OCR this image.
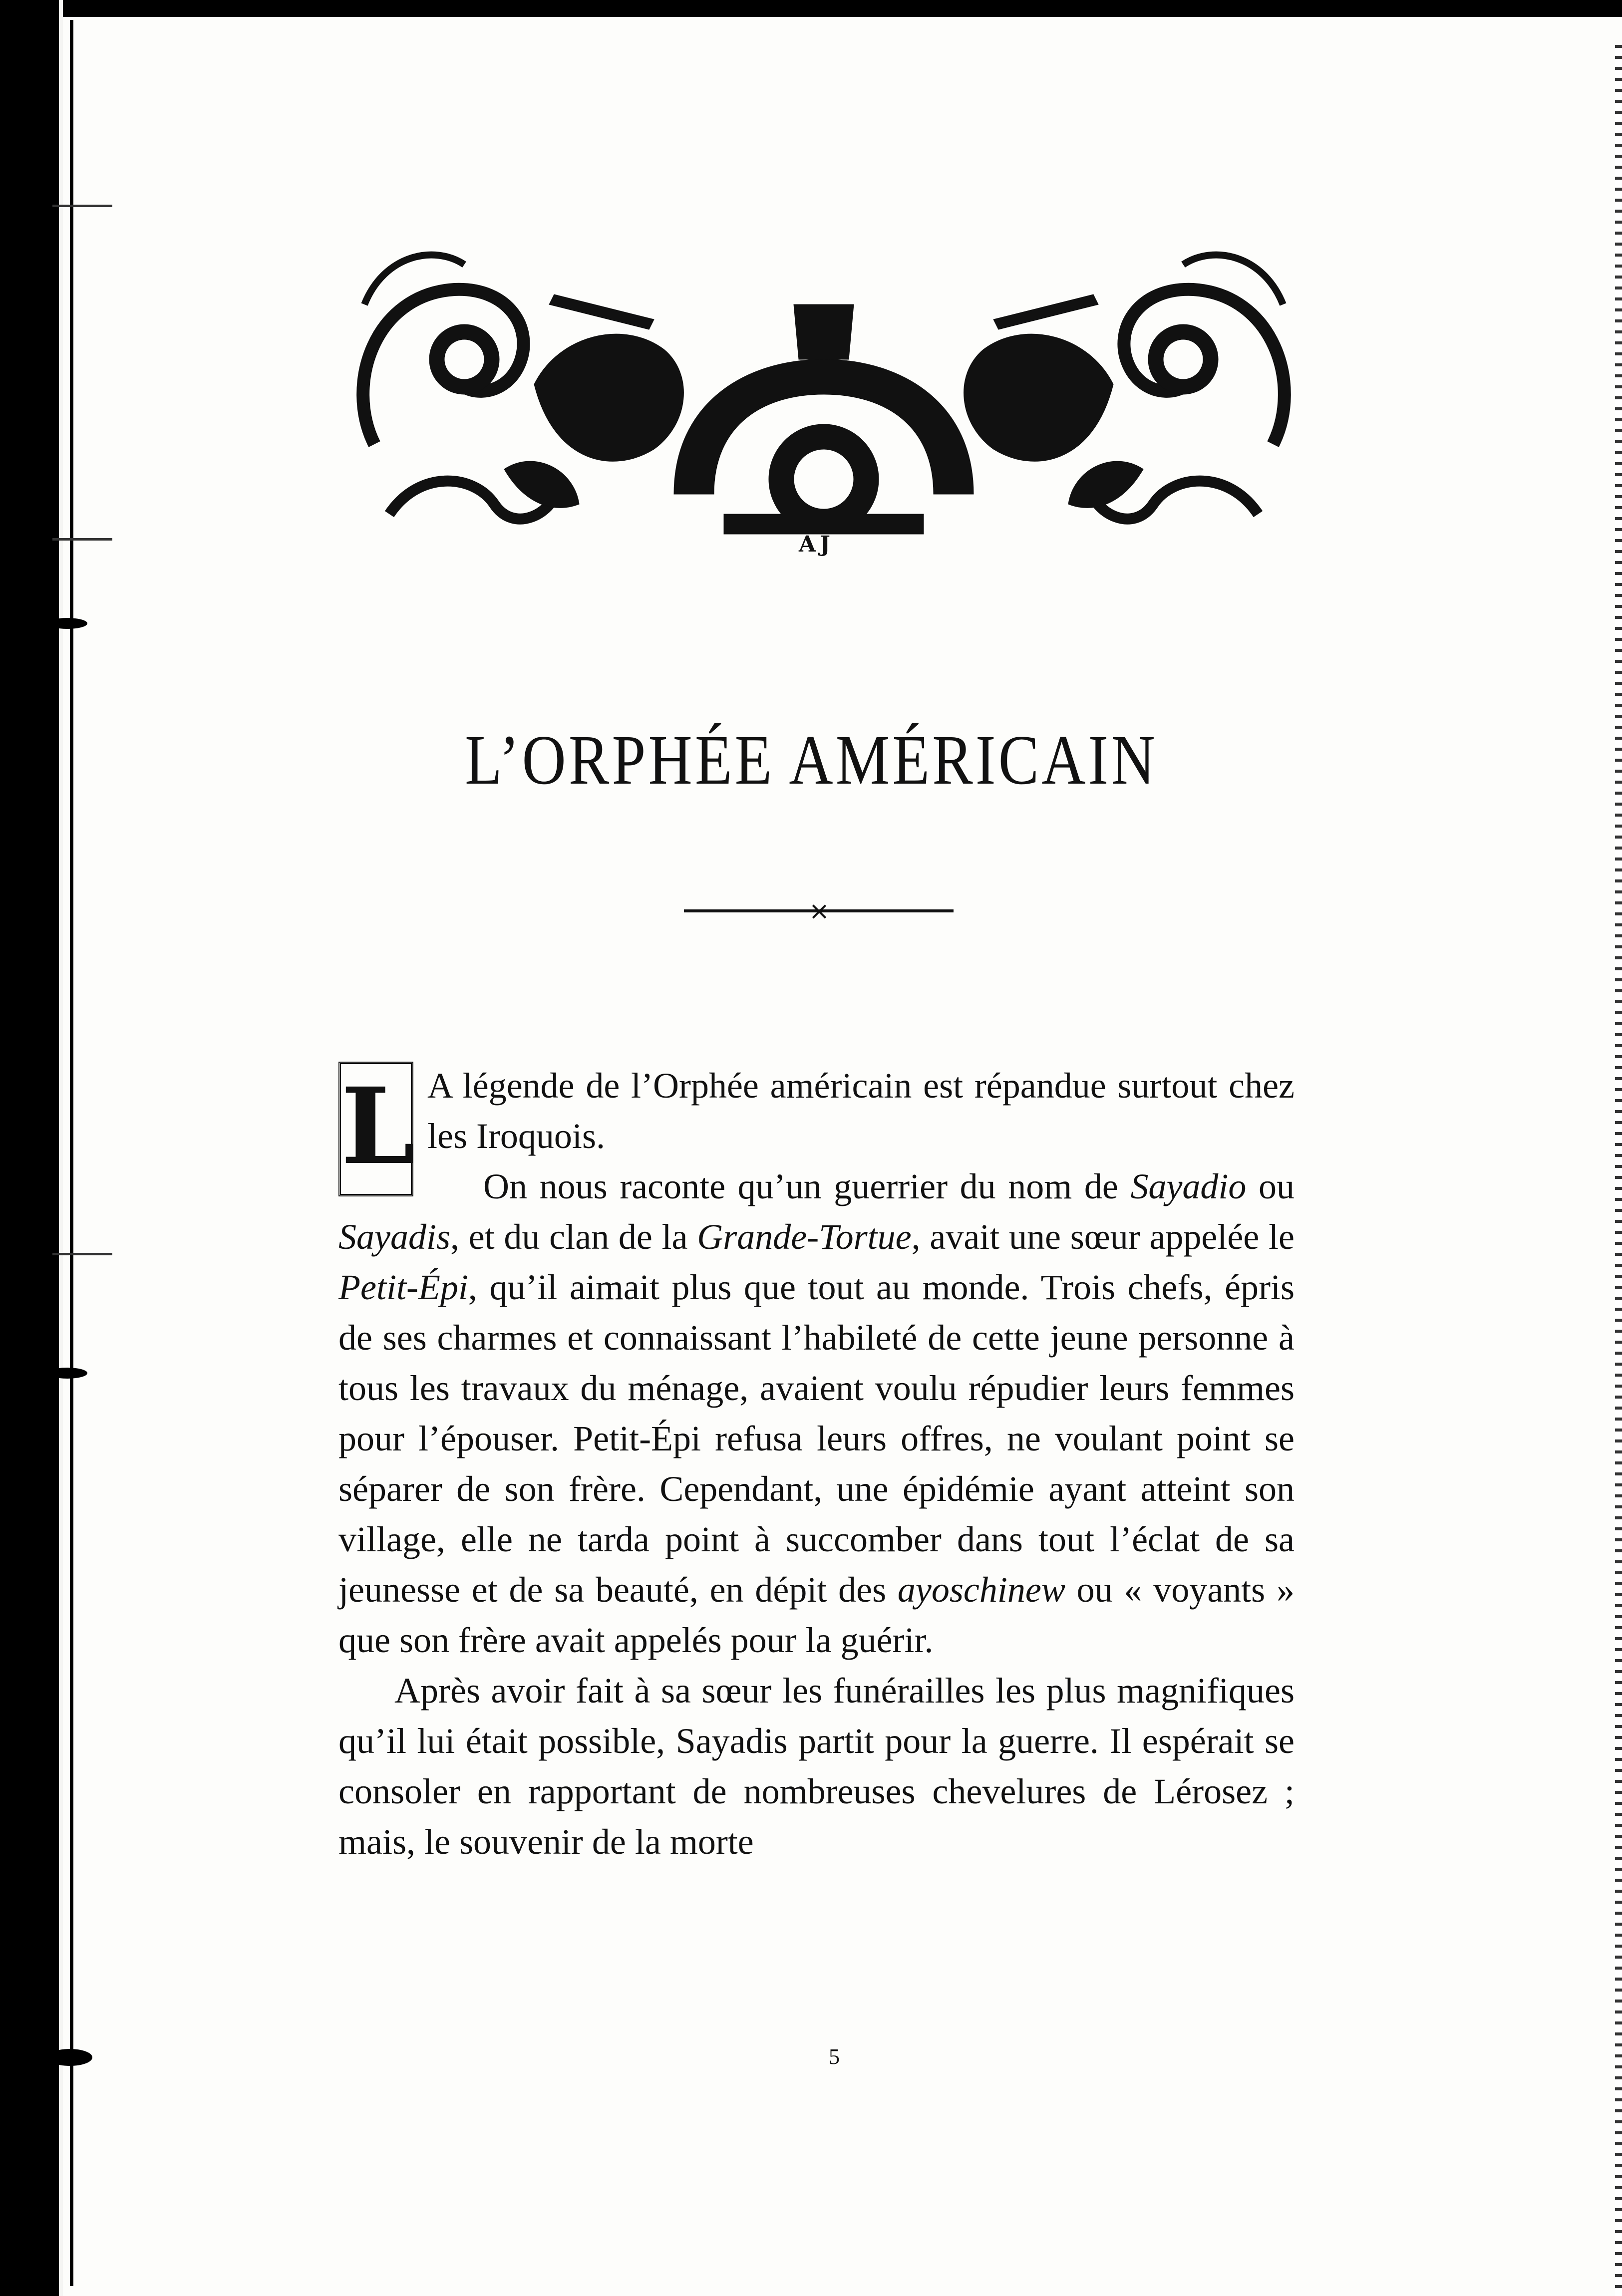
AJ
L’ORPHÉE AMÉRICAIN
×

L A légende de l’Orphée américain est répandue surtout chez les Iroquois.

On nous raconte qu’un guerrier du nom de Sayadio ou Sayadis, et du clan de la Grande-Tortue, avait une sœur appelée le Petit-Épi, qu’il aimait plus que tout au monde. Trois chefs, épris de ses charmes et connaissant l’habileté de cette jeune personne à tous les travaux du ménage, avaient voulu répudier leurs femmes pour l’épouser. Petit-Épi refusa leurs offres, ne voulant point se séparer de son frère. Cependant, une épidémie ayant atteint son village, elle ne tarda point à succomber dans tout l’éclat de sa jeunesse et de sa beauté, en dépit des ayoschinew ou « voyants » que son frère avait appelés pour la guérir.

Après avoir fait à sa sœur les funérailles les plus magnifiques qu’il lui était possible, Sayadis partit pour la guerre. Il espérait se consoler en rapportant de nombreuses chevelures de Lérosez ; mais, le souvenir de la morte

5
